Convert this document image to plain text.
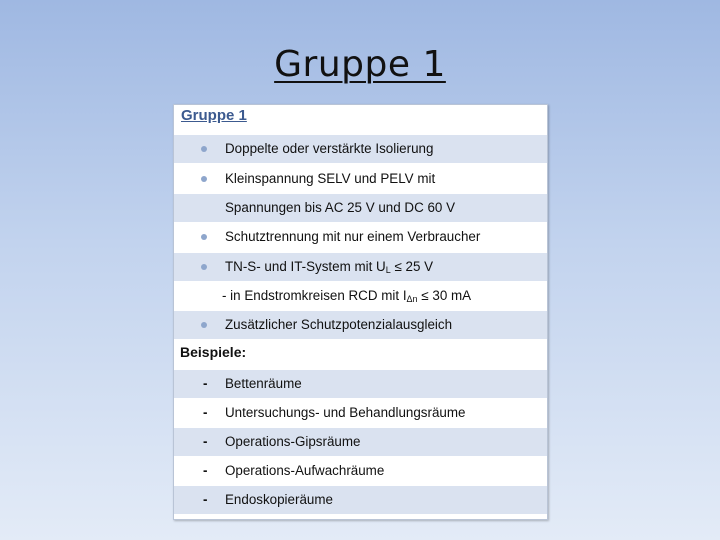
Gruppe 1
Gruppe 1
Doppelte oder verstärkte Isolierung
Kleinspannung SELV und PELV mit
Spannungen bis AC 25 V und DC 60 V
Schutztrennung mit nur einem Verbraucher
TN-S- und IT-System mit $U_L \le 25$ V
- in Endstromkreisen RCD mit $I_{\Delta n} \le 30$ mA
Zusätzlicher Schutzpotenzialausgleich
Beispiele:
- Bettenräume
- Untersuchungs- und Behandlungsräume
- Operations-Gipsräume
- Operations-Aufwachräume
- Endoskopieräume
